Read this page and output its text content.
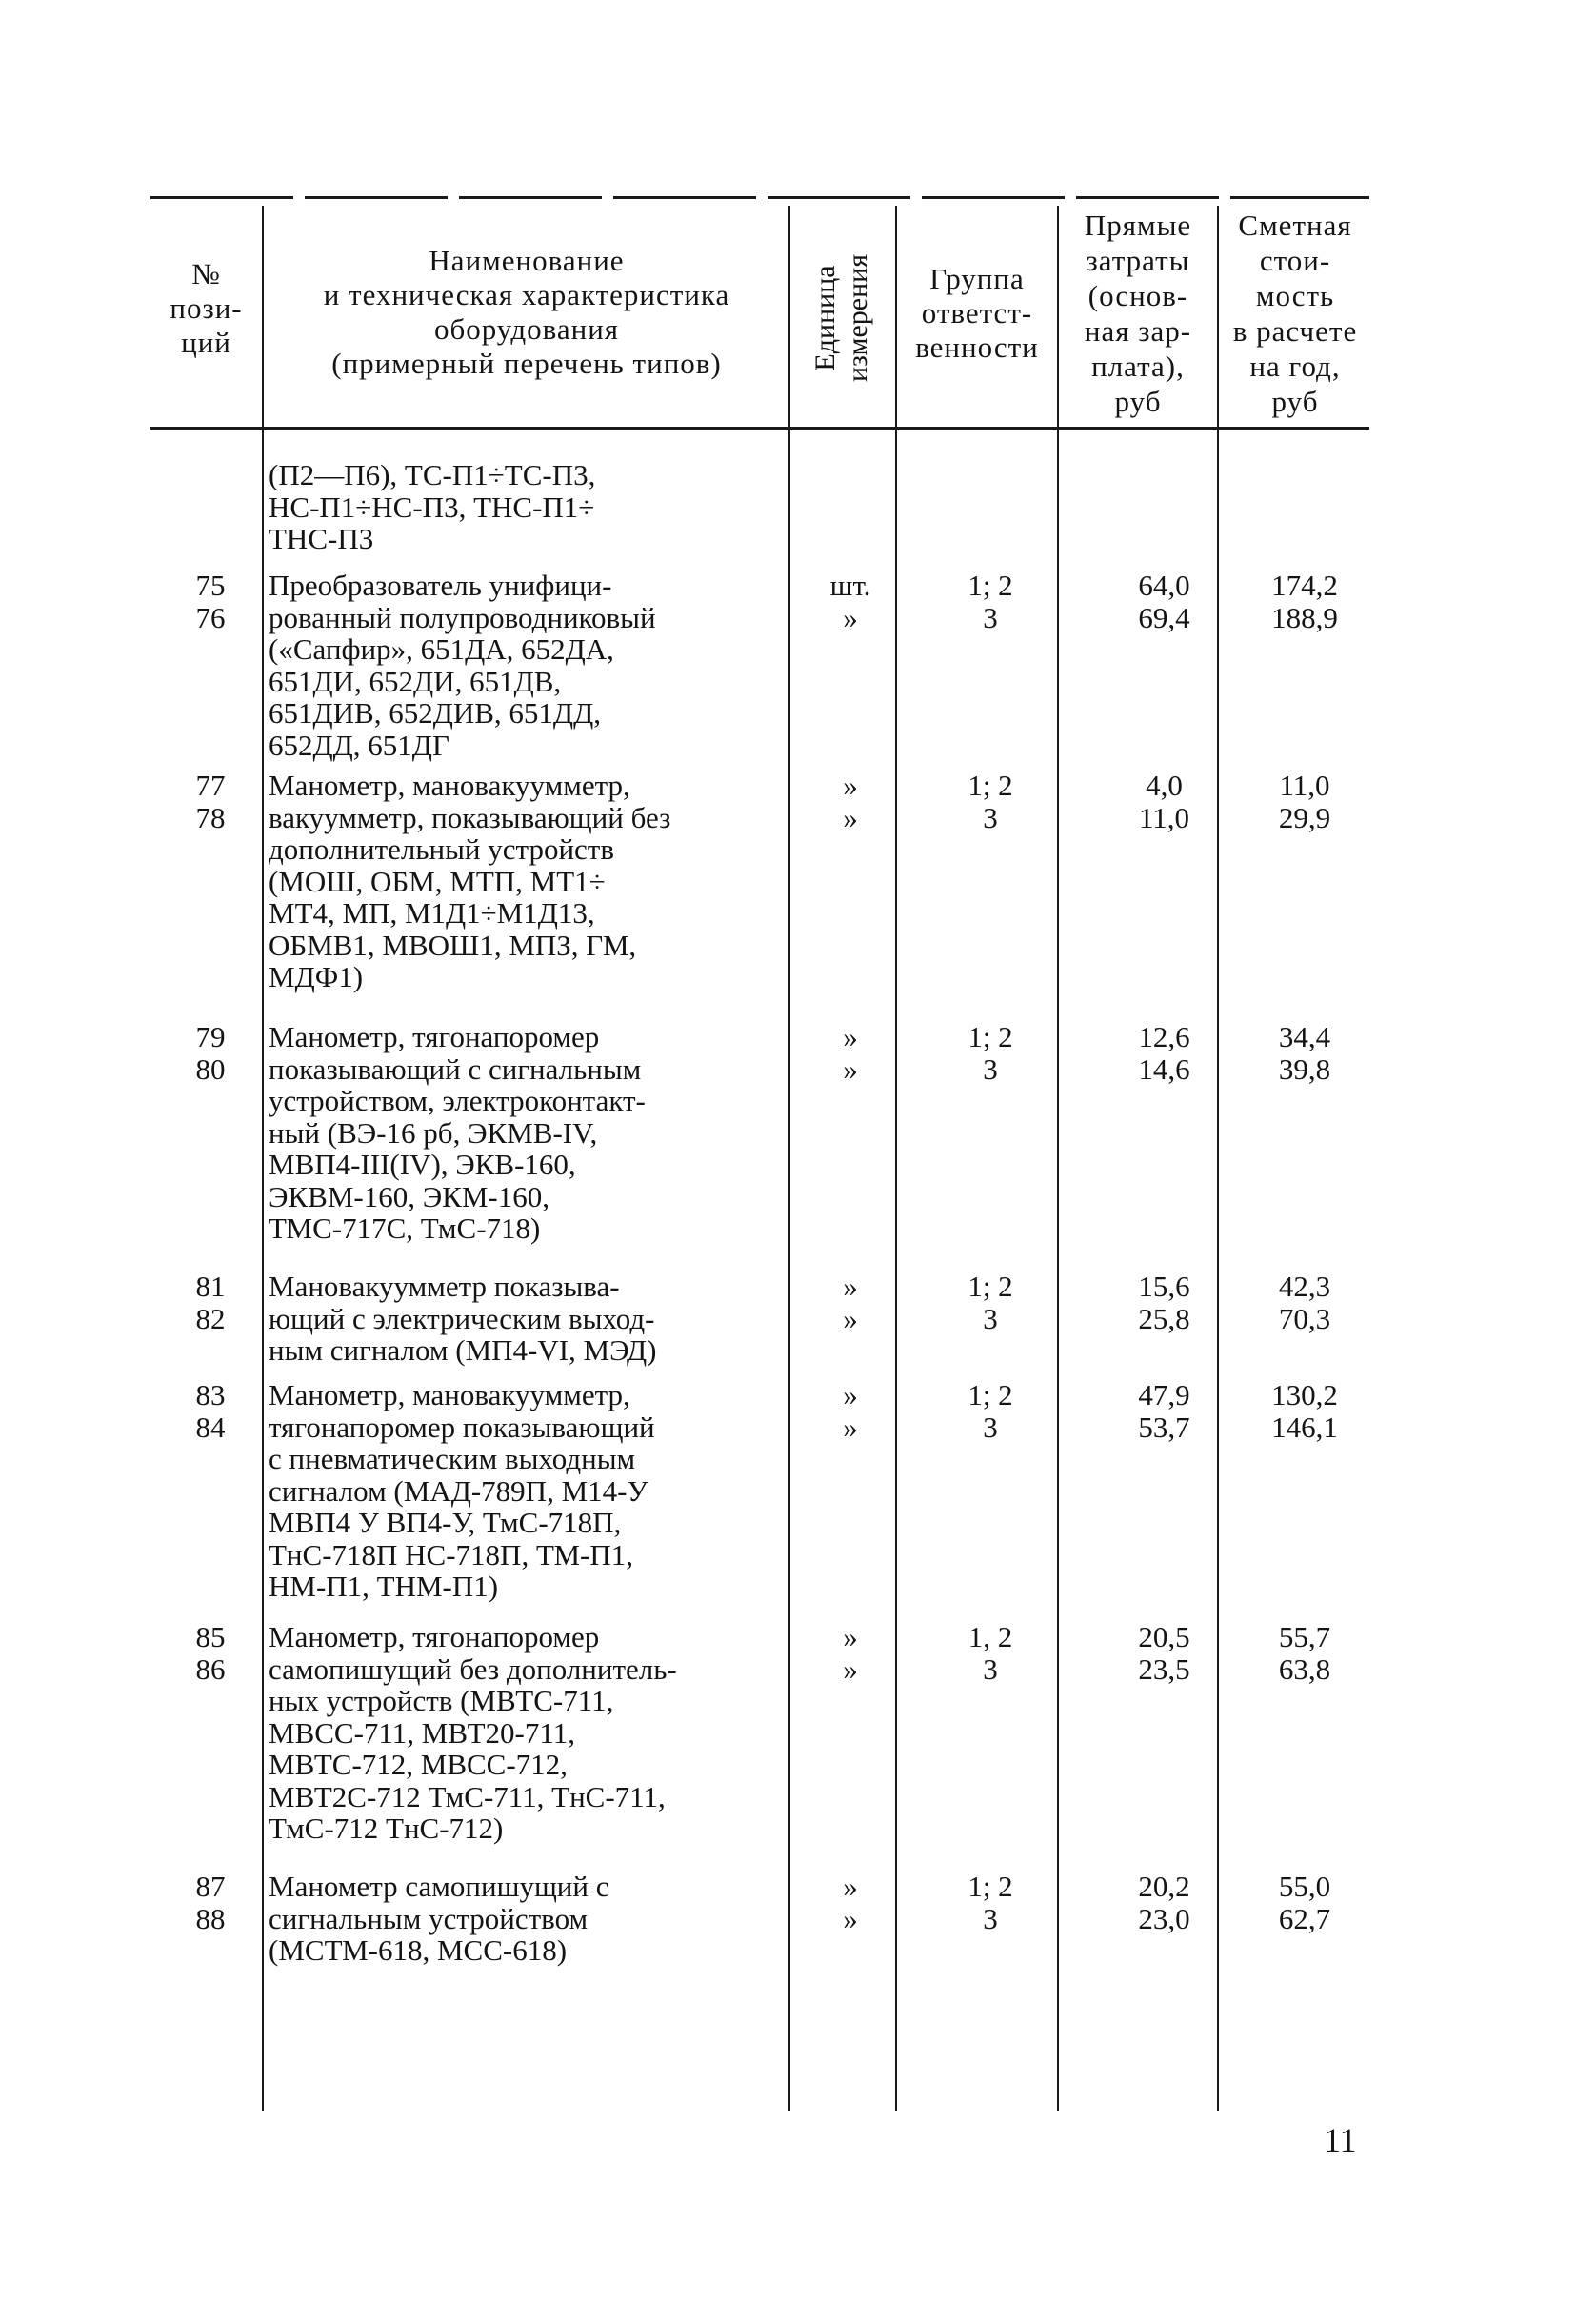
№
пози-
ций
Наименование
и техническая характеристика
оборудования
(примерный перечень типов)	Единица измерения	Группа
ответст-
венности
Прямые
затраты
(основ-
ная зар-
плата),
руб
Сметная
стои-
мость
в расчете
на год,
руб
(П2—П6), ТС-П1÷ТС-П3,
НС-П1÷НС-П3, ТНС-П1÷
ТНС-П3
75
76
Преобразователь унифици-
рованный полупроводниковый
(«Сапфир», 651ДА, 652ДА,
651ДИ, 652ДИ, 651ДВ,
651ДИВ, 652ДИВ, 651ДД,
652ДД, 651ДГ
шт.
»
1; 2
3
64,0
69,4
174,2
188,9
77
78
Манометр, мановакуумметр,
вакуумметр, показывающий без
дополнительный устройств
(МОШ, ОБМ, МТП, МТ1÷
МТ4, МП, М1Д1÷М1Д13,
ОБМВ1, МВОШ1, МПЗ, ГМ,
МДФ1)
»
»
1; 2
3
4,0
11,0
11,0
29,9
79
80
Манометр, тягонапоромер
показывающий с сигнальным
устройством, электроконтакт-
ный (ВЭ-16 рб, ЭКМВ-IV,
МВП4-III(IV), ЭКВ-160,
ЭКВМ-160, ЭКМ-160,
ТМС-717С, ТмС-718)
»
»
1; 2
3
12,6
14,6
34,4
39,8
81
82
Мановакуумметр показыва-
ющий с электрическим выход-
ным сигналом (МП4-VI, МЭД)
»
»
1; 2
3
15,6
25,8
42,3
70,3
83
84
Манометр, мановакуумметр,
тягонапоромер показывающий
с пневматическим выходным
сигналом (МАД-789П, М14-У
МВП4 У ВП4-У, ТмС-718П,
ТнС-718П НС-718П, ТМ-П1,
НМ-П1, ТНМ-П1)
»
»
1; 2
3
47,9
53,7
130,2
146,1
85
86
Манометр, тягонапоромер
самопишущий без дополнитель-
ных устройств (МВТС-711,
МВСС-711, МВТ20-711,
МВТС-712, МВСС-712,
МВТ2С-712 ТмС-711, ТнС-711,
ТмС-712 ТнС-712)
»
»
1, 2
3
20,5
23,5
55,7
63,8
87
88
Манометр самопишущий с
сигнальным устройством
(МСТМ-618, МСС-618)
»
»
1; 2
3
20,2
23,0
55,0
62,7
11
